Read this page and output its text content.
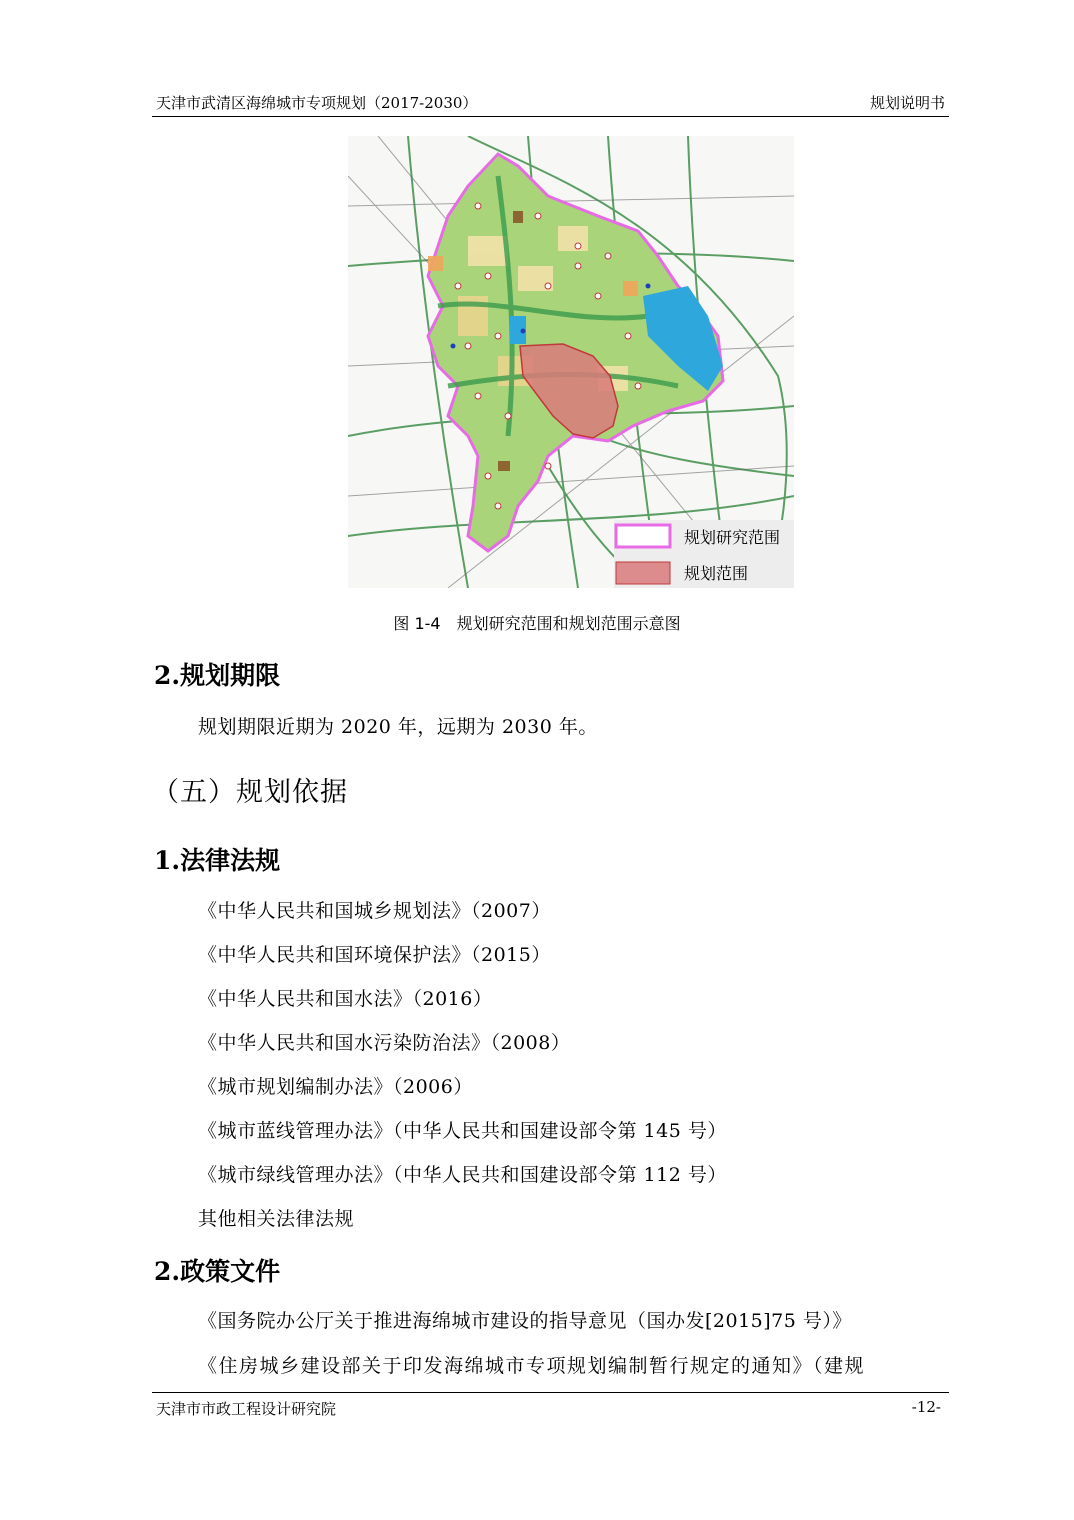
天津市武清区海绵城市专项规划（2017-2030）	规划说明书
规划研究范围
规划范围
图 1-4　规划研究范围和规划范围示意图
2.规划期限
规划期限近期为 2020 年，远期为 2030 年。
（五）规划依据
1.法律法规
《中华人民共和国城乡规划法》（2007）
《中华人民共和国环境保护法》（2015）
《中华人民共和国水法》（2016）
《中华人民共和国水污染防治法》（2008）
《城市规划编制办法》（2006）
《城市蓝线管理办法》（中华人民共和国建设部令第 145 号）
《城市绿线管理办法》（中华人民共和国建设部令第 112 号）
其他相关法律法规
2.政策文件
《国务院办公厅关于推进海绵城市建设的指导意见（国办发[2015]75 号）》
《住房城乡建设部关于印发海绵城市专项规划编制暂行规定的通知》（建规
天津市市政工程设计研究院	-12-
